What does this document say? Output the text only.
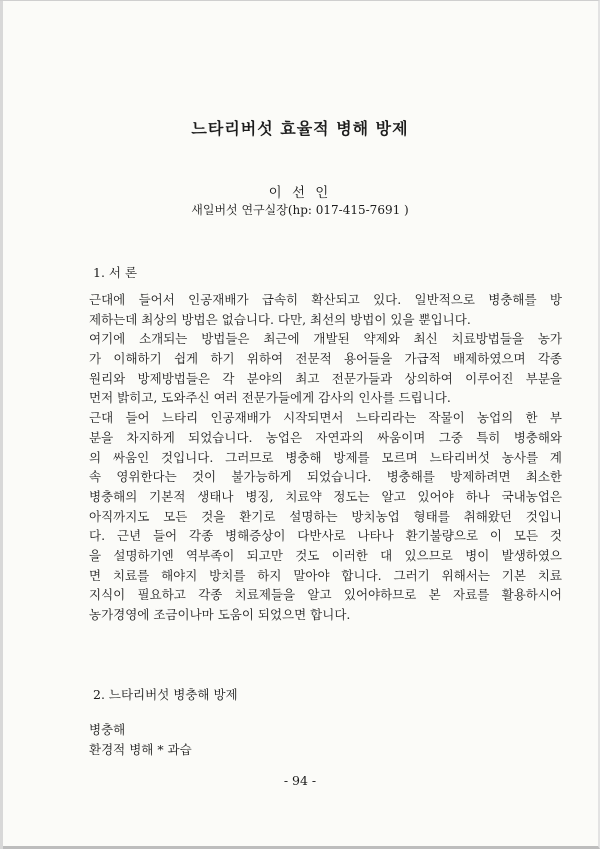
느타리버섯 효율적 병해 방제
이 선 인
새일버섯 연구실장(hp: 017-415-7691 )
1. 서 론
근대에 들어서 인공재배가 급속히 확산되고 있다. 일반적으로 병충해를 방
제하는데 최상의 방법은 없습니다. 다만, 최선의 방법이 있을 뿐입니다.
여기에 소개되는 방법들은 최근에 개발된 약제와 최신 치료방법들을 농가
가 이해하기 쉽게 하기 위하여 전문적 용어들을 가급적 배제하였으며 각종
원리와 방제방법들은 각 분야의 최고 전문가들과 상의하여 이루어진 부분을
먼저 밝히고, 도와주신 여러 전문가들에게 감사의 인사를 드립니다.
근대 들어 느타리 인공재배가 시작되면서 느타리라는 작물이 농업의 한 부
분을 차지하게 되었습니다. 농업은 자연과의 싸움이며 그중 특히 병충해와
의 싸움인 것입니다. 그러므로 병충해 방제를 모르며 느타리버섯 농사를 계
속 영위한다는 것이 불가능하게 되었습니다. 병충해를 방제하려면 최소한
병충해의 기본적 생태나 병징, 치료약 정도는 알고 있어야 하나 국내농업은
아직까지도 모든 것을 환기로 설명하는 방치농업 형태를 취해왔던 것입니
다. 근년 들어 각종 병해증상이 다반사로 나타나 환기불량으로 이 모든 것
을 설명하기엔 역부족이 되고만 것도 이러한 대 있으므로 병이 발생하였으
면 치료를 해야지 방치를 하지 말아야 합니다. 그러기 위해서는 기본 치료
지식이 필요하고 각종 치료제들을 알고 있어야하므로 본 자료를 활용하시어
농가경영에 조금이나마 도움이 되었으면 합니다.
2. 느타리버섯 병충해 방제
병충해
환경적 병해 * 과습
- 94 -
